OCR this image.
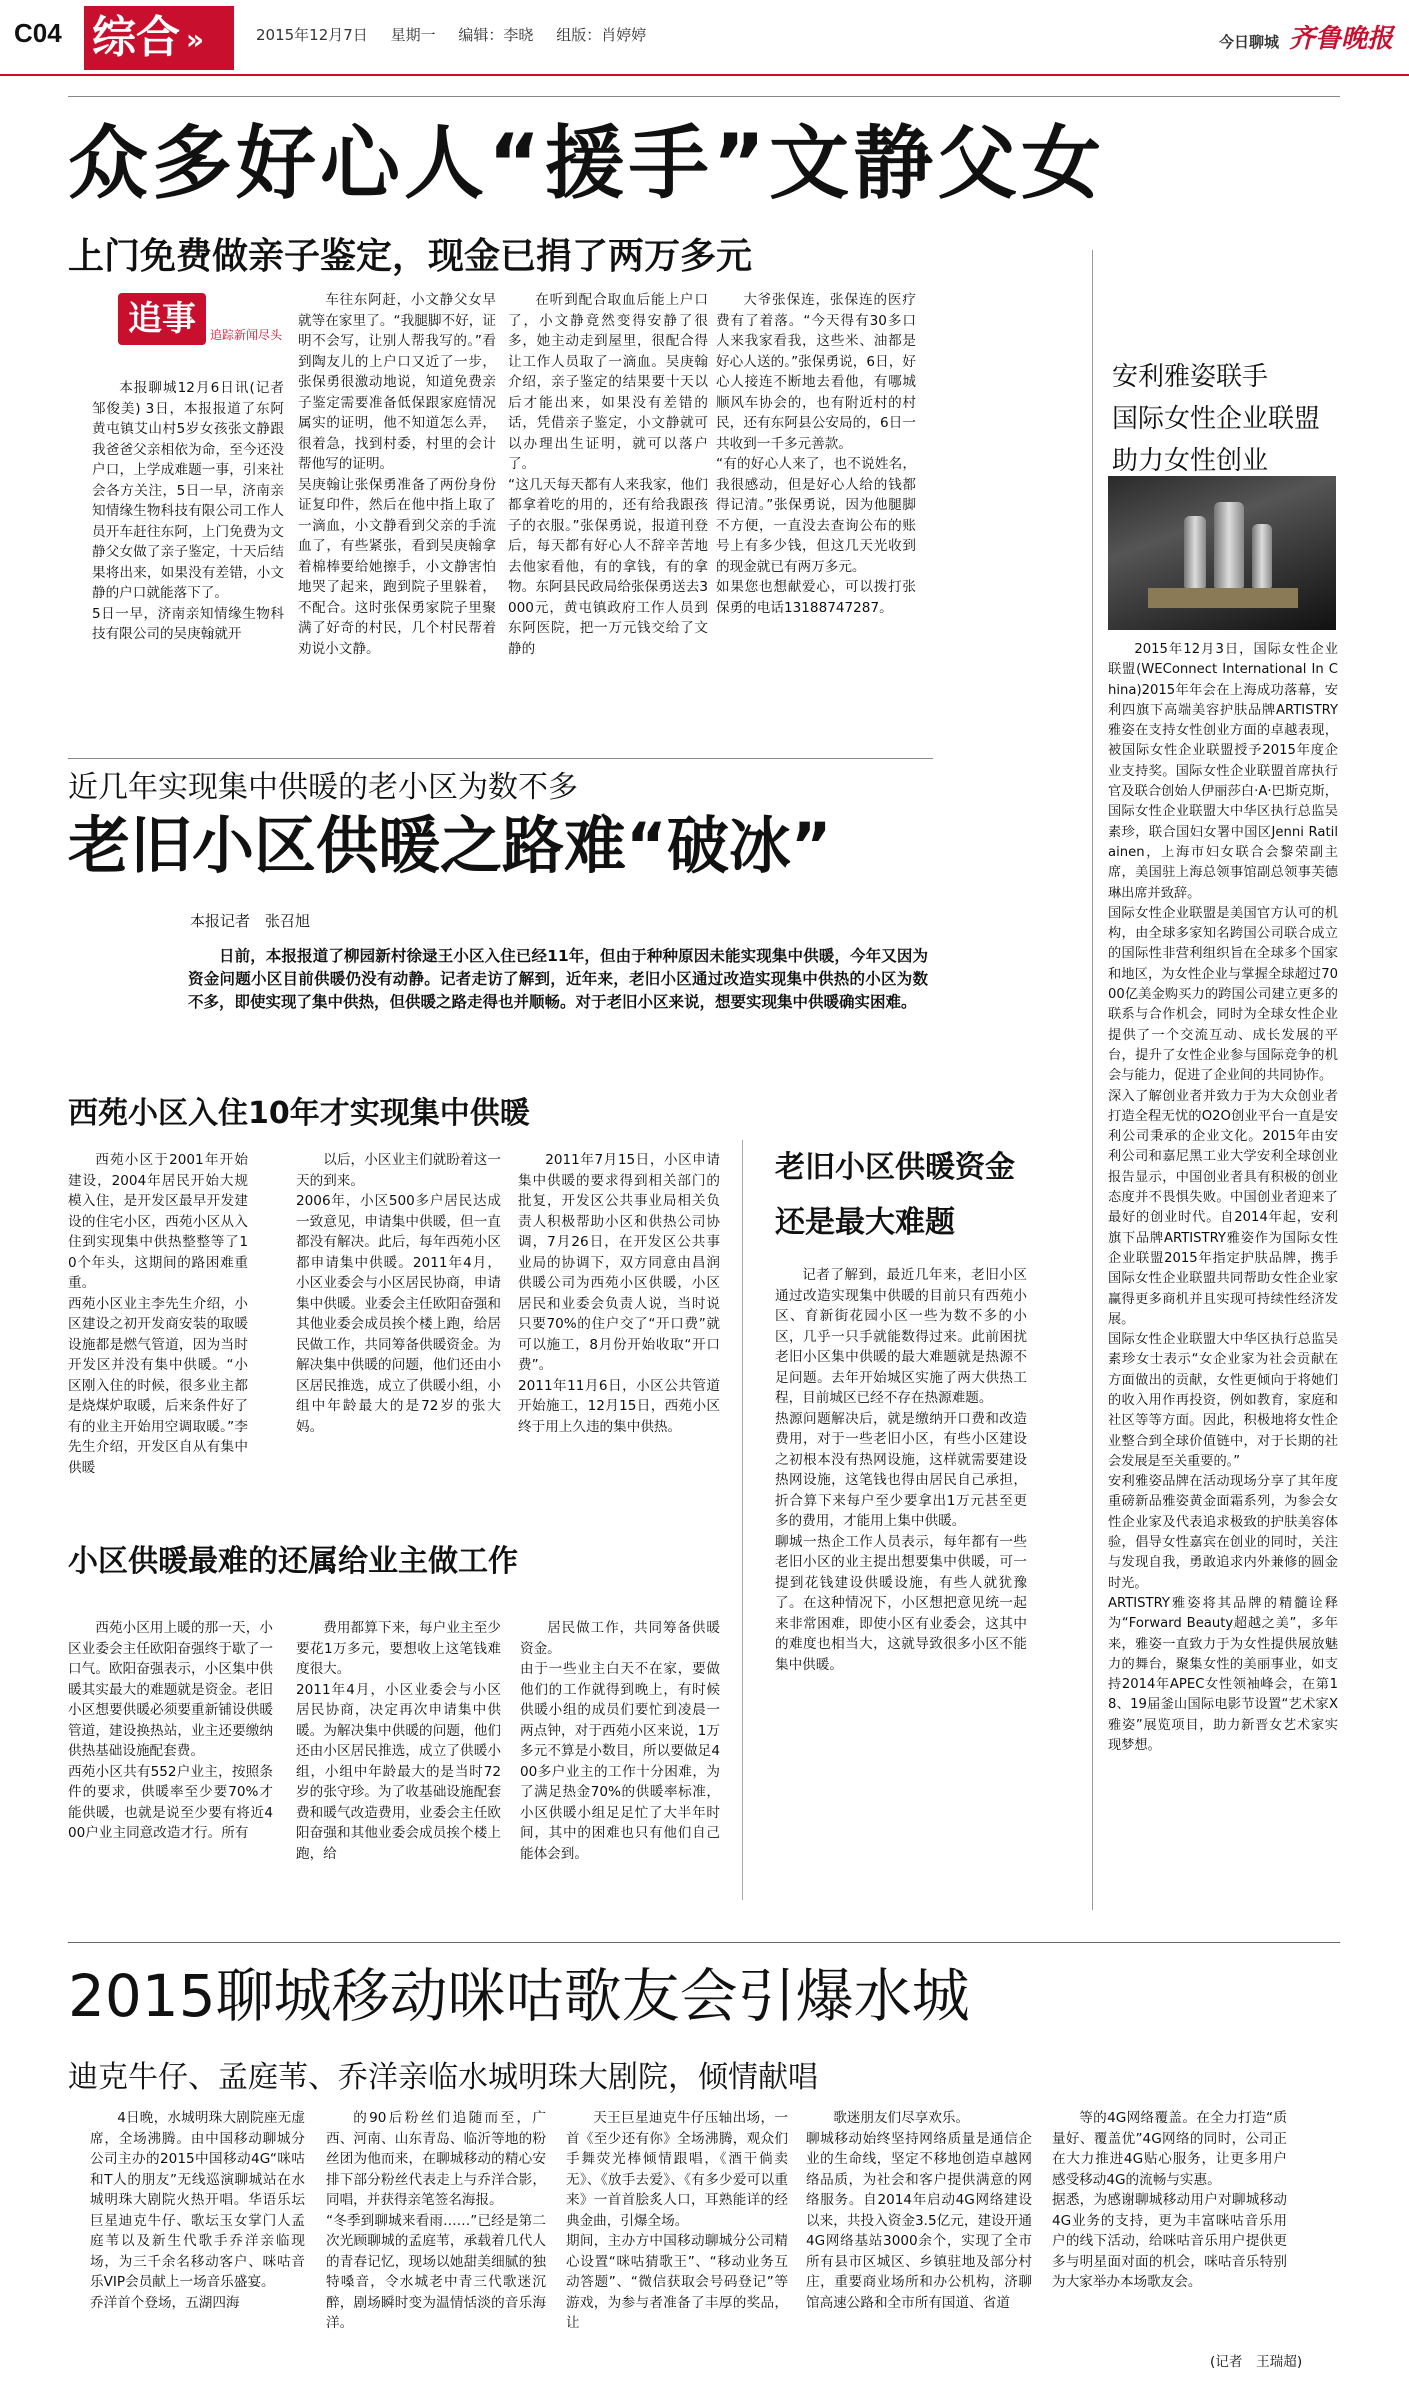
C04 综合 »	2015年12月7日 星期一 编辑：李晓 组版：肖婷婷	今日聊城 齐鲁晚报
众多好心人“援手”文静父女
上门免费做亲子鉴定，现金已捐了两万多元
追事	追踪新闻尽头

本报聊城12月6日讯(记者 邹俊美) 3日，本报报道了东阿黄屯镇艾山村5岁女孩张文静跟我爸爸父亲相依为命，至今还没户口，上学成难题一事，引来社会各方关注，5日一早，济南亲知情缘生物科技有限公司工作人员开车赶往东阿，上门免费为文静父女做了亲子鉴定，十天后结果将出来，如果没有差错，小文静的户口就能落下了。
5日一早，济南亲知情缘生物科技有限公司的吴庚翰就开

车往东阿赶，小文静父女早就等在家里了。“我腿脚不好，证明不会写，让别人帮我写的。”看到陶友儿的上户口又近了一步，张保勇很激动地说，知道免费亲子鉴定需要准备低保跟家庭情况属实的证明，他不知道怎么弄，很着急，找到村委，村里的会计帮他写的证明。
吴庚翰让张保勇准备了两份身份证复印件，然后在他中指上取了一滴血，小文静看到父亲的手流血了，有些紧张，看到吴庚翰拿着棉棒要给她擦手，小文静害怕地哭了起来，跑到院子里躲着，不配合。这时张保勇家院子里聚满了好奇的村民，几个村民帮着劝说小文静。

在听到配合取血后能上户口了，小文静竟然变得安静了很多，她主动走到屋里，很配合得让工作人员取了一滴血。吴庚翰介绍，亲子鉴定的结果要十天以后才能出来，如果没有差错的话，凭借亲子鉴定，小文静就可以办理出生证明，就可以落户了。
“这几天每天都有人来我家，他们都拿着吃的用的，还有给我跟孩子的衣服。”张保勇说，报道刊登后，每天都有好心人不辞辛苦地去他家看他，有的拿钱，有的拿物。东阿县民政局给张保勇送去3000元，黄屯镇政府工作人员到东阿医院，把一万元钱交给了文静的

大爷张保连，张保连的医疗费有了着落。“今天得有30多口人来我家看我，这些米、油都是好心人送的。”张保勇说，6日，好心人接连不断地去看他，有哪城顺风车协会的，也有附近村的村民，还有东阿县公安局的，6日一共收到一千多元善款。
“有的好心人来了，也不说姓名，我很感动，但是好心人给的钱都得记清。”张保勇说，因为他腿脚不方便，一直没去查询公布的账号上有多少钱，但这几天光收到的现金就已有两万多元。
如果您也想献爱心，可以拨打张保勇的电话13188747287。

近几年实现集中供暖的老小区为数不多
老旧小区供暖之路难“破冰”
本报记者　张召旭
日前，本报报道了柳园新村徐逯王小区入住已经11年，但由于种种原因未能实现集中供暖，今年又因为资金问题小区目前供暖仍没有动静。记者走访了解到，近年来，老旧小区通过改造实现集中供热的小区为数不多，即使实现了集中供热，但供暖之路走得也并顺畅。对于老旧小区来说，想要实现集中供暖确实困难。
西苑小区入住10年才实现集中供暖

西苑小区于2001年开始建设，2004年居民开始大规模入住，是开发区最早开发建设的住宅小区，西苑小区从入住到实现集中供热整整等了10个年头，这期间的路困难重重。
西苑小区业主李先生介绍，小区建设之初开发商安装的取暖设施都是燃气管道，因为当时开发区并没有集中供暖。“小区刚入住的时候，很多业主都是烧煤炉取暖，后来条件好了有的业主开始用空调取暖。”李先生介绍，开发区自从有集中供暖

以后，小区业主们就盼着这一天的到来。
2006年，小区500多户居民达成一致意见，申请集中供暖，但一直都没有解决。此后，每年西苑小区都申请集中供暖。2011年4月，小区业委会与小区居民协商，申请集中供暖。业委会主任欧阳奋强和其他业委会成员挨个楼上跑，给居民做工作，共同筹备供暖资金。为解决集中供暖的问题，他们还由小区居民推选，成立了供暖小组，小组中年龄最大的是72岁的张大妈。

2011年7月15日，小区申请集中供暖的要求得到相关部门的批复，开发区公共事业局相关负责人积极帮助小区和供热公司协调，7月26日，在开发区公共事业局的协调下，双方同意由昌润供暖公司为西苑小区供暖，小区居民和业委会负责人说，当时说只要70%的住户交了“开口费”就可以施工，8月份开始收取“开口费”。
2011年11月6日，小区公共管道开始施工，12月15日，西苑小区终于用上久违的集中供热。

小区供暖最难的还属给业主做工作

西苑小区用上暖的那一天，小区业委会主任欧阳奋强终于歇了一口气。欧阳奋强表示，小区集中供暖其实最大的难题就是资金。老旧小区想要供暖必须要重新铺设供暖管道，建设换热站，业主还要缴纳供热基础设施配套费。
西苑小区共有552户业主，按照条件的要求，供暖率至少要70%才能供暖，也就是说至少要有将近400户业主同意改造才行。所有

费用都算下来，每户业主至少要花1万多元，要想收上这笔钱难度很大。
2011年4月，小区业委会与小区居民协商，决定再次申请集中供暖。为解决集中供暖的问题，他们还由小区居民推选，成立了供暖小组，小组中年龄最大的是当时72岁的张守珍。为了收基础设施配套费和暖气改造费用，业委会主任欧阳奋强和其他业委会成员挨个楼上跑，给

居民做工作，共同筹备供暖资金。
由于一些业主白天不在家，要做他们的工作就得到晚上，有时候供暖小组的成员们要忙到凌晨一两点钟，对于西苑小区来说，1万多元不算是小数目，所以要做足400多户业主的工作十分困难，为了满足热金70%的供暖率标准，小区供暖小组足足忙了大半年时间，其中的困难也只有他们自己能体会到。

老旧小区供暖资金
还是最大难题

记者了解到，最近几年来，老旧小区通过改造实现集中供暖的目前只有西苑小区、育新街花园小区一些为数不多的小区，几乎一只手就能数得过来。此前困扰老旧小区集中供暖的最大难题就是热源不足问题。去年开始城区实施了两大供热工程，目前城区已经不存在热源难题。
热源问题解决后，就是缴纳开口费和改造费用，对于一些老旧小区，有些小区建设之初根本没有热网设施，这样就需要建设热网设施，这笔钱也得由居民自己承担，折合算下来每户至少要拿出1万元甚至更多的费用，才能用上集中供暖。
聊城一热企工作人员表示，每年都有一些老旧小区的业主提出想要集中供暖，可一提到花钱建设供暖设施，有些人就犹豫了。在这种情况下，小区想把意见统一起来非常困难，即使小区有业委会，这其中的难度也相当大，这就导致很多小区不能集中供暖。

安利雅姿联手
国际女性企业联盟
助力女性创业

2015年12月3日，国际女性企业联盟(WEConnect International In China)2015年年会在上海成功落幕，安利四旗下高端美容护肤品牌ARTISTRY雅姿在支持女性创业方面的卓越表现，被国际女性企业联盟授予2015年度企业支持奖。国际女性企业联盟首席执行官及联合创始人伊丽莎白·A·巴斯克斯，国际女性企业联盟大中华区执行总监吴素珍，联合国妇女署中国区Jenni Ratilainen，上海市妇女联合会黎荣副主席，美国驻上海总领事馆副总领事芙德琳出席并致辞。
国际女性企业联盟是美国官方认可的机构，由全球多家知名跨国公司联合成立的国际性非营利组织旨在全球多个国家和地区，为女性企业与掌握全球超过7000亿美金购买力的跨国公司建立更多的联系与合作机会，同时为全球女性企业提供了一个交流互动、成长发展的平台，提升了女性企业参与国际竞争的机会与能力，促进了企业间的共同协作。
深入了解创业者并致力于为大众创业者打造全程无忧的O2O创业平台一直是安利公司秉承的企业文化。2015年由安利公司和嘉尼黑工业大学安利全球创业报告显示，中国创业者具有积极的创业态度并不畏惧失败。中国创业者迎来了最好的创业时代。自2014年起，安利旗下品牌ARTISTRY雅姿作为国际女性企业联盟2015年指定护肤品牌，携手国际女性企业联盟共同帮助女性企业家赢得更多商机并且实现可持续性经济发展。
国际女性企业联盟大中华区执行总监吴素珍女士表示“女企业家为社会贡献在方面做出的贡献，女性更倾向于将她们的收入用作再投资，例如教育，家庭和社区等等方面。因此，积极地将女性企业整合到全球价值链中，对于长期的社会发展是至关重要的。”
安利雅姿品牌在活动现场分享了其年度重磅新品雅姿黄金面霜系列，为参会女性企业家及代表追求极致的护肤美容体验，倡导女性嘉宾在创业的同时，关注与发现自我，勇敢追求内外兼修的圆金时光。
ARTISTRY雅姿将其品牌的精髓诠释为“Forward Beauty超越之美”，多年来，雅姿一直致力于为女性提供展放魅力的舞台，聚集女性的美丽事业，如支持2014年APEC女性领袖峰会，在第18、19届釜山国际电影节设置“艺术家X雅姿”展览项目，助力新晋女艺术家实现梦想。

2015聊城移动咪咕歌友会引爆水城
迪克牛仔、孟庭苇、乔洋亲临水城明珠大剧院，倾情献唱

4日晚，水城明珠大剧院座无虚席，全场沸腾。由中国移动聊城分公司主办的2015中国移动4G“咪咕和T人的朋友”无线巡演聊城站在水城明珠大剧院火热开唱。华语乐坛巨星迪克牛仔、歌坛玉女掌门人孟庭苇以及新生代歌手乔洋亲临现场，为三千余名移动客户、咪咕音乐VIP会员献上一场音乐盛宴。
乔洋首个登场，五湖四海

的90后粉丝们追随而至，广西、河南、山东青岛、临沂等地的粉丝团为他而来，在聊城移动的精心安排下部分粉丝代表走上与乔洋合影，同唱，并获得亲笔签名海报。
“冬季到聊城来看雨……”已经是第二次光顾聊城的孟庭苇，承载着几代人的青春记忆，现场以她甜美细腻的独特嗓音，令水城老中青三代歌迷沉醉，剧场瞬时变为温情恬淡的音乐海洋。

天王巨星迪克牛仔压轴出场，一首《至少还有你》全场沸腾，观众们手舞荧光棒倾情跟唱，《酒干倘卖无》、《放手去爱》、《有多少爱可以重来》一首首脍炙人口，耳熟能详的经典金曲，引爆全场。
期间，主办方中国移动聊城分公司精心设置“咪咕猜歌王”、“移动业务互动答题”、“微信获取会号码登记”等游戏，为参与者准备了丰厚的奖品，让

歌迷朋友们尽享欢乐。
聊城移动始终坚持网络质量是通信企业的生命线，坚定不移地创造卓越网络品质，为社会和客户提供满意的网络服务。自2014年启动4G网络建设以来，共投入资金3.5亿元，建设开通4G网络基站3000余个，实现了全市所有县市区城区、乡镇驻地及部分村庄，重要商业场所和办公机构，济聊馆高速公路和全市所有国道、省道

等的4G网络覆盖。在全力打造“质量好、覆盖优”4G网络的同时，公司正在大力推进4G贴心服务，让更多用户感受移动4G的流畅与实惠。
据悉，为感谢聊城移动用户对聊城移动4G业务的支持，更为丰富咪咕音乐用户的线下活动，给咪咕音乐用户提供更多与明星面对面的机会，咪咕音乐特别为大家举办本场歌友会。

(记者　王瑞超)
